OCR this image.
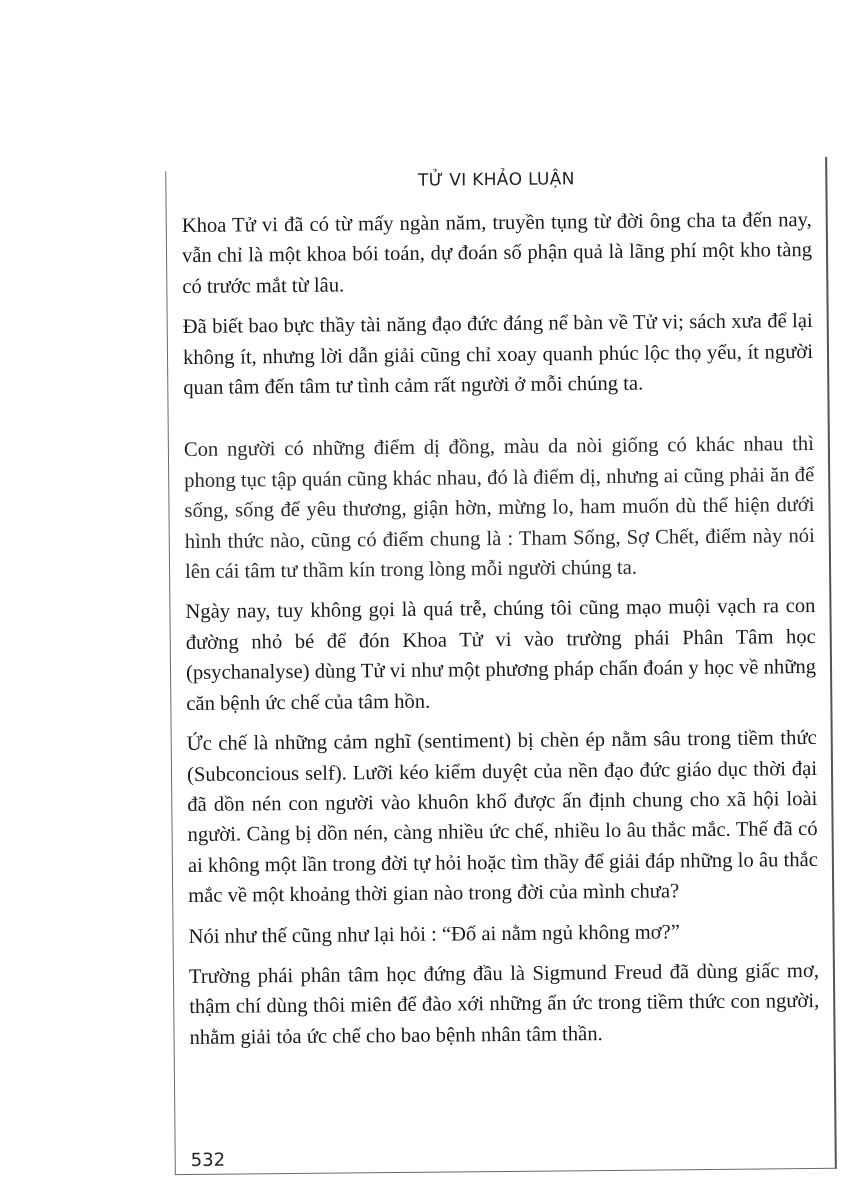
TỬ VI KHẢO LUẬN

Khoa Tử vi đã có từ mấy ngàn năm, truyền tụng từ đời ông cha ta đến nay, vẫn chỉ là một khoa bói toán, dự đoán số phận quả là lãng phí một kho tàng có trước mắt từ lâu.

Đã biết bao bực thầy tài năng đạo đức đáng nể bàn về Tử vi; sách xưa để lại không ít, nhưng lời dẫn giải cũng chỉ xoay quanh phúc lộc thọ yểu, ít người quan tâm đến tâm tư tình cảm rất người ở mỗi chúng ta.

Con người có những điểm dị đồng, màu da nòi giống có khác nhau thì phong tục tập quán cũng khác nhau, đó là điểm dị, nhưng ai cũng phải ăn để sống, sống để yêu thương, giận hờn, mừng lo, ham muốn dù thể hiện dưới hình thức nào, cũng có điểm chung là : Tham Sống, Sợ Chết, điểm này nói lên cái tâm tư thầm kín trong lòng mỗi người chúng ta.

Ngày nay, tuy không gọi là quá trễ, chúng tôi cũng mạo muội vạch ra con đường nhỏ bé để đón Khoa Tử vi vào trường phái Phân Tâm học (psychanalyse) dùng Tử vi như một phương pháp chẩn đoán y học về những căn bệnh ức chế của tâm hồn.

Ức chế là những cảm nghĩ (sentiment) bị chèn ép nằm sâu trong tiềm thức (Subconcious self). Lưỡi kéo kiểm duyệt của nền đạo đức giáo dục thời đại đã dồn nén con người vào khuôn khổ được ấn định chung cho xã hội loài người. Càng bị dồn nén, càng nhiều ức chế, nhiều lo âu thắc mắc. Thế đã có ai không một lần trong đời tự hỏi hoặc tìm thầy để giải đáp những lo âu thắc mắc về một khoảng thời gian nào trong đời của mình chưa?

Nói như thế cũng như lại hỏi : “Đố ai nằm ngủ không mơ?”

Trường phái phân tâm học đứng đầu là Sigmund Freud đã dùng giấc mơ, thậm chí dùng thôi miên để đào xới những ẩn ức trong tiềm thức con người, nhằm giải tỏa ức chế cho bao bệnh nhân tâm thần.

532
